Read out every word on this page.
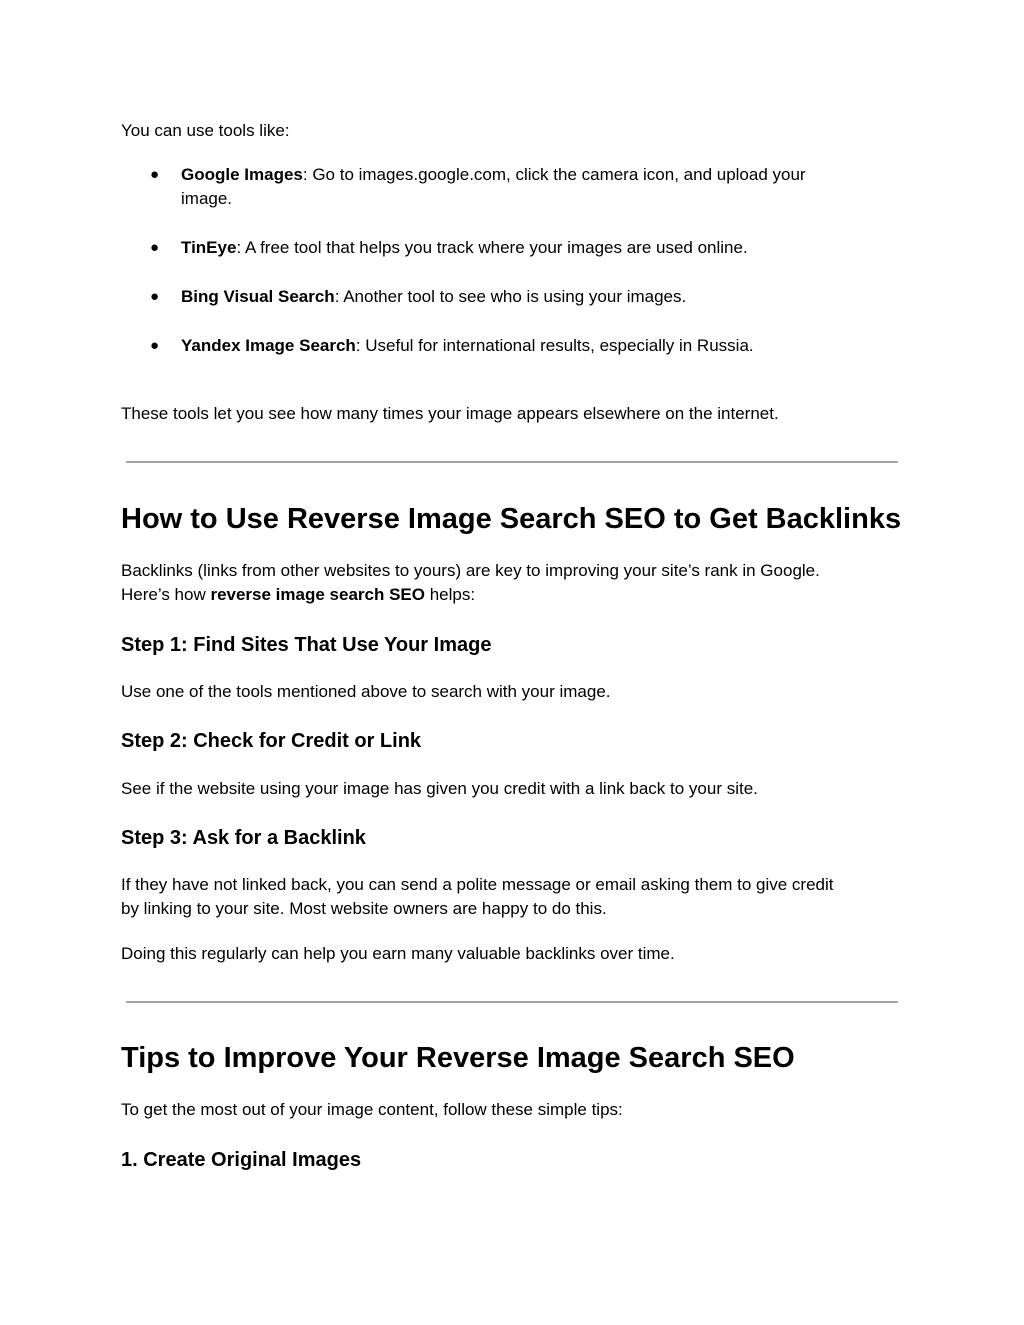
You can use tools like:

●	Google Images: Go to images.google.com, click the camera icon, and upload your
image.
●	TinEye: A free tool that helps you track where your images are used online.
●	Bing Visual Search: Another tool to see who is using your images.
●	Yandex Image Search: Useful for international results, especially in Russia.

These tools let you see how many times your image appears elsewhere on the internet.

How to Use Reverse Image Search SEO to Get Backlinks

Backlinks (links from other websites to yours) are key to improving your site’s rank in Google.
Here’s how reverse image search SEO helps:

Step 1: Find Sites That Use Your Image

Use one of the tools mentioned above to search with your image.

Step 2: Check for Credit or Link

See if the website using your image has given you credit with a link back to your site.

Step 3: Ask for a Backlink

If they have not linked back, you can send a polite message or email asking them to give credit
by linking to your site. Most website owners are happy to do this.

Doing this regularly can help you earn many valuable backlinks over time.

Tips to Improve Your Reverse Image Search SEO

To get the most out of your image content, follow these simple tips:

1. Create Original Images
